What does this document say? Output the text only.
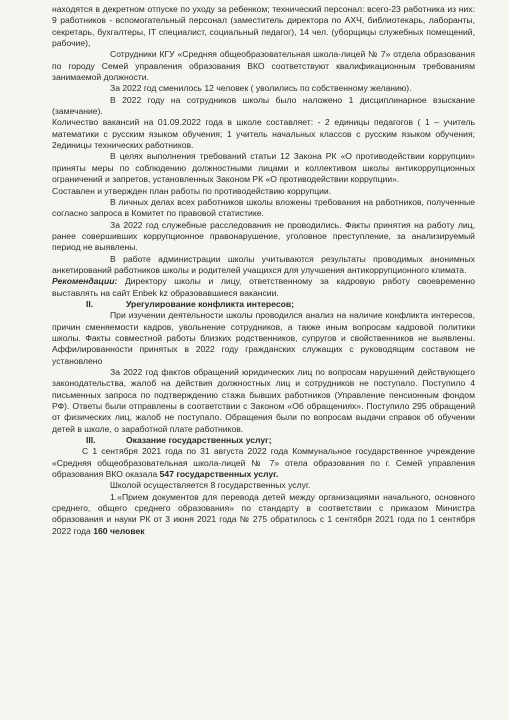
находятся в декретном отпуске по уходу за ребенком; технический персонал: всего-23 работника из них: 9 работников - вспомогательный персонал (заместитель директора по АХЧ, библиотекарь, лаборанты, секретарь, бухгалтеры, IT специалист, социальный педагог), 14 чел. (уборщицы служебных помещений, рабочие),

Сотрудники КГУ «Средняя общеобразовательная школа-лицей № 7» отдела образования по городу Семей управления образования ВКО соответствуют квалификационным требованиям занимаемой должности.

За 2022 год сменилось 12 человек ( уволились по собственному желанию).

В 2022 году на сотрудников школы было наложено 1 дисциплинарное взыскание (замечание).

Количество вакансий на 01.09.2022 года в школе составляет: - 2 единицы педагогов ( 1 – учитель математики с русским языком обучения; 1 учитель начальных классов с русским языком обучения; 2единицы технических работников.

В целях выполнения требований статьи 12 Закона РК «О противодействии коррупции» приняты меры по соблюдению должностными лицами и коллективом школы антикоррупционных ограничений и запретов, установленных Законом РК «О противодействии коррупции».

Составлен и утвержден план работы по противодействию коррупции.

В личных делах всех работников школы вложены требования на работников, полученные согласно запроса в Комитет по правовой статистике.

За 2022 год служебные расследования не проводились. Факты принятия на работу лиц, ранее совершивших коррупционное правонарушение, уголовное преступление, за анализируемый период не выявлены.

В работе администрации школы учитываются результаты проводимых анонимных анкетирований работников школы и родителей учащихся для улучшения антикоррупционного климата.

Рекомендации: Директору школы и лицу, ответственному за кадровую работу своевременно выставлять на сайт Enbek kz образовавшиеся вакансии.

II.	Урегулирование конфликта интересов;

При изучении деятельности школы проводился анализ на наличие конфликта интересов, причин сменяемости кадров, увольнение сотрудников, а также иным вопросам кадровой политики школы. Факты совместной работы близких родственников, супругов и свойственников не выявлены. Аффилированности принятых в 2022 году гражданских служащих с руководящим составом не установлено

За 2022 год фактов обращений юридических лиц по вопросам нарушений действующего законодательства, жалоб на действия должностных лиц и сотрудников не поступало. Поступило 4 письменных запроса по подтверждению стажа бывших работников (Управление пенсионным фондом РФ). Ответы были отправлены в соответствии с Законом «Об обращениях». Поступило 295 обращений от физических лиц, жалоб не поступало. Обращения были по вопросам выдачи справок об обучении детей в школе, о заработной плате работников.

III.	Оказание государственных услуг;

С 1 сентября 2021 года по 31 августа 2022 года Коммунальное государственное учреждение «Средняя общеобразовательная школа-лицей № 7» отела образования по г. Семей управления образования ВКО оказала 547 государственных услуг.

Школой осуществляется 8 государственных услуг.

1.«Прием документов для перевода детей между организациями начального, основного среднего, общего среднего образования» по стандарту в соответствии с приказом Министра образования и науки РК от 3 июня 2021 года № 275 обратилось с 1 сентября 2021 года по 1 сентября 2022 года 160 человек
